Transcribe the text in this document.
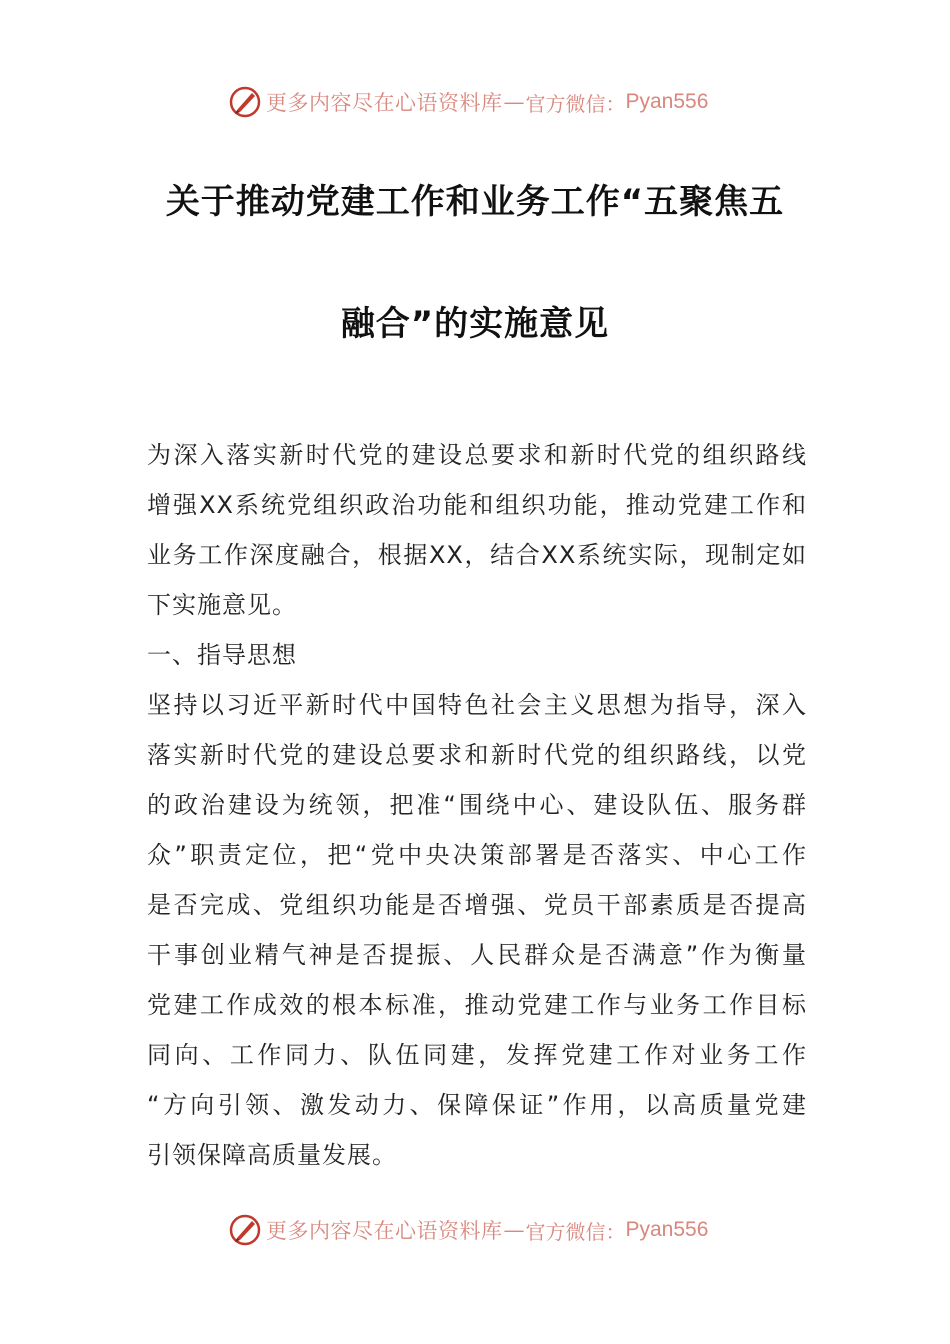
更多内容尽在心语资料库 — 官方微信： Pyan556
关于推动党建工作和业务工作“五聚焦五
融合”的实施意见
为深入落实新时代党的建设总要求和新时代党的组织路线
增强XX系统党组织政治功能和组织功能，推动党建工作和
业务工作深度融合，根据XX，结合XX系统实际，现制定如
下实施意见。
一、指导思想
坚持以习近平新时代中国特色社会主义思想为指导，深入
落实新时代党的建设总要求和新时代党的组织路线，以党
的政治建设为统领，把准“围绕中心、建设队伍、服务群
众”职责定位，把“党中央决策部署是否落实、中心工作
是否完成、党组织功能是否增强、党员干部素质是否提高
干事创业精气神是否提振、人民群众是否满意”作为衡量
党建工作成效的根本标准，推动党建工作与业务工作目标
同向、工作同力、队伍同建，发挥党建工作对业务工作
“方向引领、激发动力、保障保证”作用，以高质量党建
引领保障高质量发展。
更多内容尽在心语资料库 — 官方微信： Pyan556
